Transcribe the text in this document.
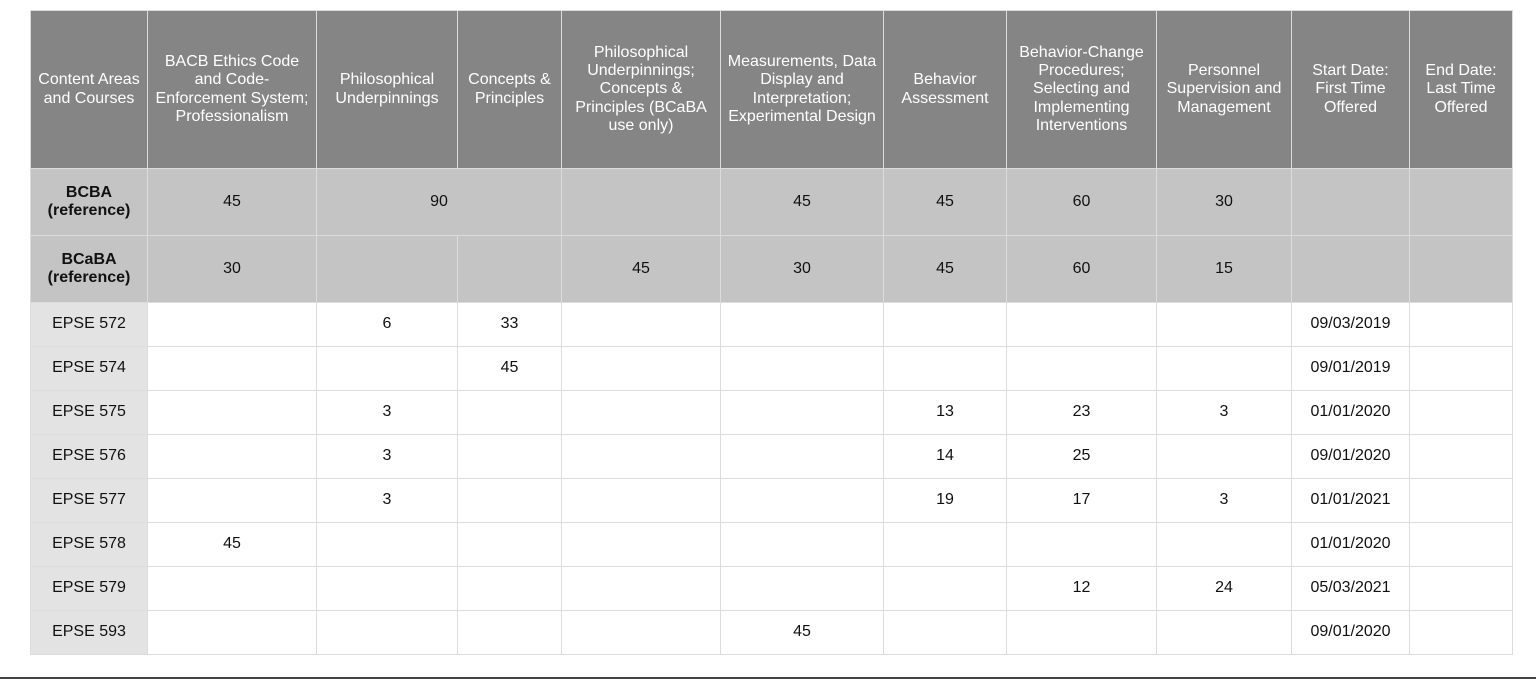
Content Areas and Courses	BACB Ethics Code and Code-Enforcement System; Professionalism	Philosophical Underpinnings	Concepts & Principles	Philosophical Underpinnings; Concepts & Principles (BCaBA use only)	Measurements, Data Display and Interpretation; Experimental Design	Behavior Assessment	Behavior-Change Procedures; Selecting and Implementing Interventions	Personnel Supervision and Management	Start Date: First Time Offered	End Date: Last Time Offered
BCBA (reference)	45	90			45	45	60	30		
BCaBA (reference)	30			45	30	45	60	15		
EPSE 572		6	33						09/03/2019	
EPSE 574			45						09/01/2019	
EPSE 575		3				13	23	3	01/01/2020	
EPSE 576		3				14	25		09/01/2020	
EPSE 577		3				19	17	3	01/01/2021	
EPSE 578	45								01/01/2020	
EPSE 579							12	24	05/03/2021	
EPSE 593					45				09/01/2020	
